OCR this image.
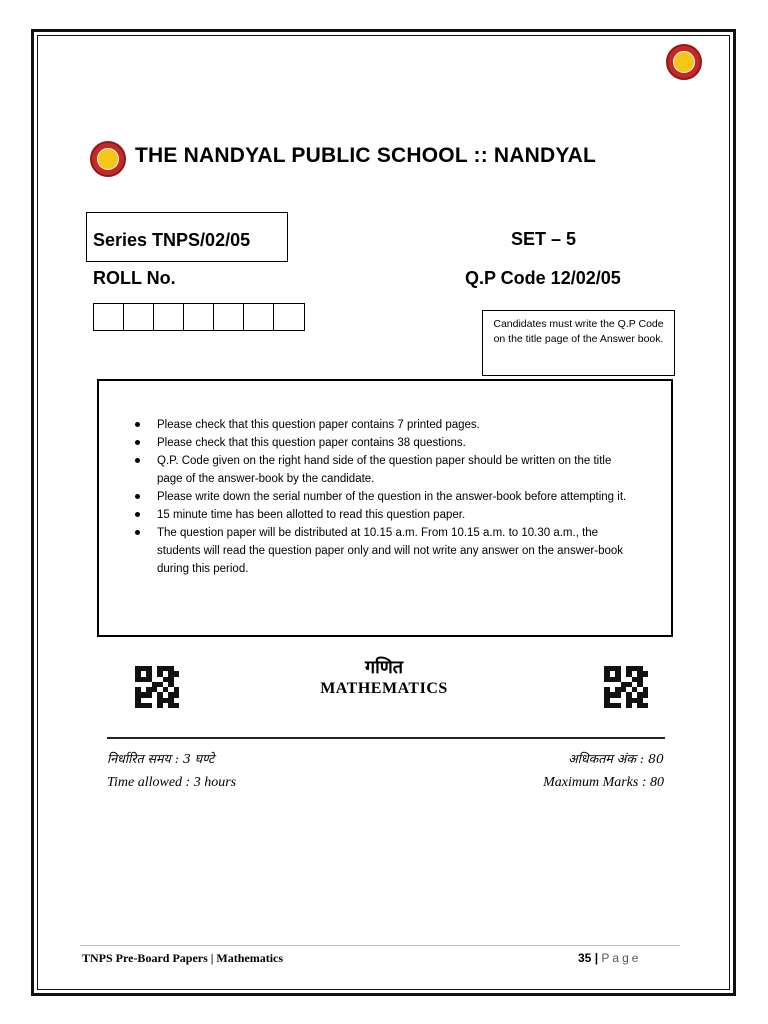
THE NANDYAL PUBLIC SCHOOL :: NANDYAL
Series TNPS/02/05	SET – 5
ROLL No.	Q.P Code 12/02/05
Candidates must write the Q.P Code on the title page of the Answer book.
Please check that this question paper contains 7 printed pages.
Please check that this question paper contains 38 questions.
Q.P. Code given on the right hand side of the question paper should be written on the title page of the answer-book by the candidate.
Please write down the serial number of the question in the answer-book before attempting it.
15 minute time has been allotted to read this question paper.
The question paper will be distributed at 10.15 a.m. From 10.15 a.m. to 10.30 a.m., the students will read the question paper only and will not write any answer on the answer-book during this period.
गणित
MATHEMATICS
निर्धारित समय : 3 घण्टे	अधिकतम अंक : 80
Time allowed : 3 hours	Maximum Marks : 80
TNPS Pre-Board Papers | Mathematics	35 | Page
